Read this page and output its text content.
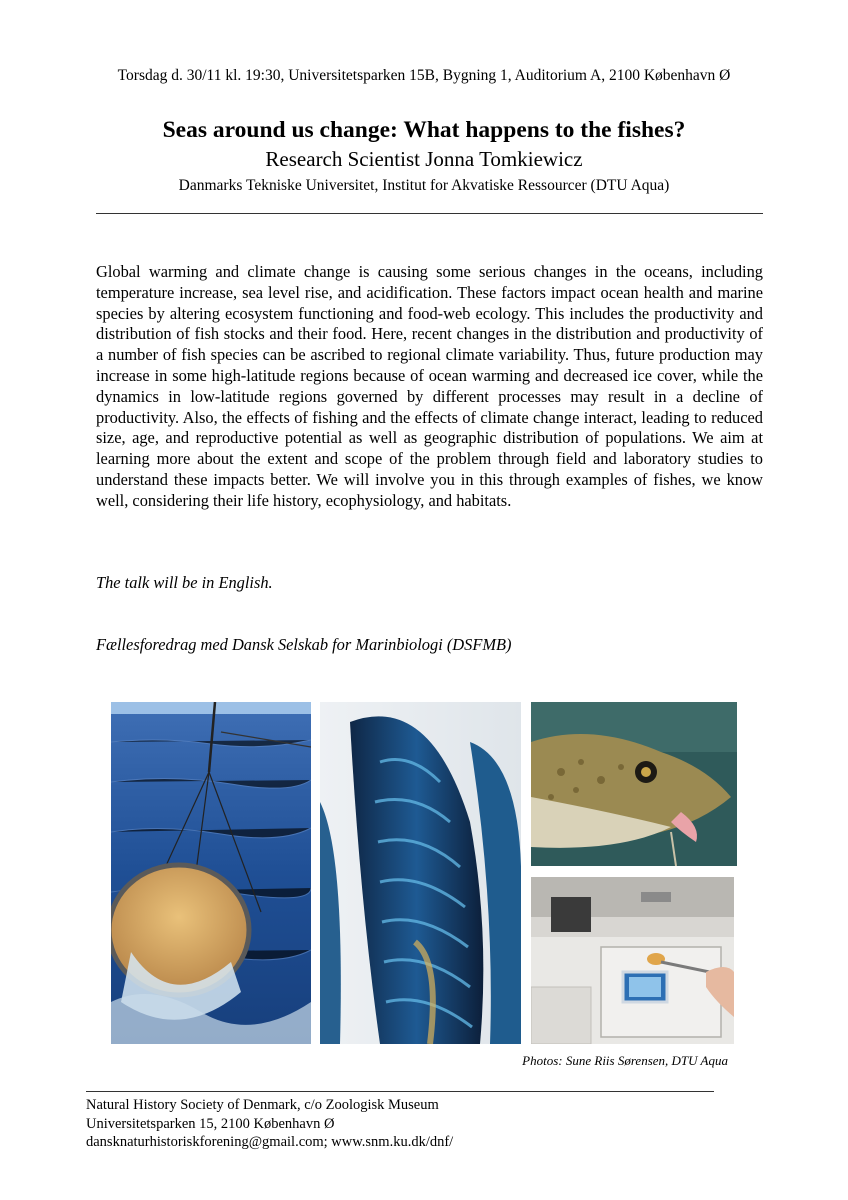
Torsdag d. 30/11 kl. 19:30, Universitetsparken 15B, Bygning 1, Auditorium A, 2100 København Ø
Seas around us change: What happens to the fishes?
Research Scientist Jonna Tomkiewicz
Danmarks Tekniske Universitet, Institut for Akvatiske Ressourcer (DTU Aqua)

Global warming and climate change is causing some serious changes in the oceans, including temperature increase, sea level rise, and acidification. These factors impact ocean health and marine species by altering ecosystem functioning and food-web ecology. This includes the productivity and distribution of fish stocks and their food. Here, recent changes in the distribution and productivity of a number of fish species can be ascribed to regional climate variability. Thus, future production may increase in some high-latitude regions because of ocean warming and decreased ice cover, while the dynamics in low-latitude regions governed by different processes may result in a decline of productivity. Also, the effects of fishing and the effects of climate change interact, leading to reduced size, age, and reproductive potential as well as geographic distribution of populations. We aim at learning more about the extent and scope of the problem through field and laboratory studies to understand these impacts better. We will involve you in this through examples of fishes, we know well, considering their life history, ecophysiology, and habitats.

The talk will be in English.
Fællesforedrag med Dansk Selskab for Marinbiologi (DSFMB)
Photos: Sune Riis Sørensen, DTU Aqua
Natural History Society of Denmark, c/o Zoologisk Museum
Universitetsparken 15, 2100 København Ø
dansknaturhistoriskforening@gmail.com; www.snm.ku.dk/dnf/
